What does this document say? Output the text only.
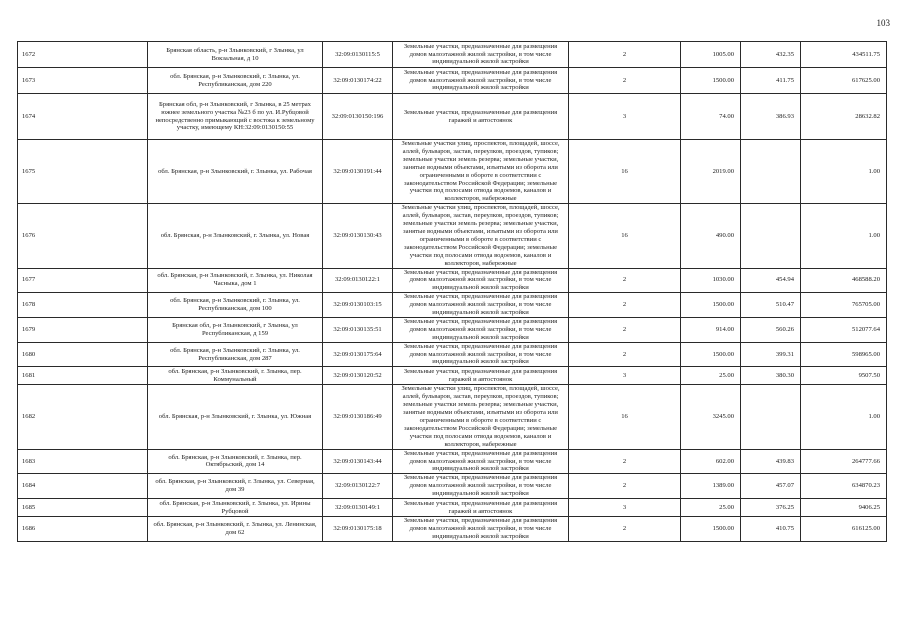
103
1672	Брянская область, р-н Злынковский, г Злынка, ул Вокзальная, д 10	32:09:0130115:5	Земельные участки, предназначенные для размещения домов малоэтажной жилой застройки, в том числе индивидуальной жилой застройки	2	1005.00	432.35	434511.75
1673	обл. Брянская, р-н Злынковский, г. Злынка, ул. Республиканская, дом 220	32:09:0130174:22	Земельные участки, предназначенные для размещения домов малоэтажной жилой застройки, в том числе индивидуальной жилой застройки	2	1500.00	411.75	617625.00
1674	Брянская обл, р-н Злынковский, г Злынка, в 25 метрах южнее земельного участка №23 б по ул. И.Рубцовой непосредственно примыкающий с востока к земельному участку, имеющему КН:32:09:0130150:55	32:09:0130150:196	Земельные участки, предназначенные для размещения гаражей и автостоянок	3	74.00	386.93	28632.82
1675	обл. Брянская, р-н Злынковский, г. Злынка, ул. Рабочая	32:09:0130191:44	Земельные участки улиц, проспектов, площадей, шоссе, аллей, бульваров, застав, переулков, проездов, тупиков; земельные участки земель резерва; земельные участки, занятые водными объектами, изъятыми из оборота или ограниченными в обороте в соответствии с законодательством Российской Федерации; земельные участки под полосами отвода водоемов, каналов и коллекторов, набережные	16	2019.00		1.00
1676	обл. Брянская, р-н Злынковский, г. Злынка, ул. Новая	32:09:0130130:43	Земельные участки улиц, проспектов, площадей, шоссе, аллей, бульваров, застав, переулков, проездов, тупиков; земельные участки земель резерва; земельные участки, занятые водными объектами, изъятыми из оборота или ограниченными в обороте в соответствии с законодательством Российской Федерации; земельные участки под полосами отвода водоемов, каналов и коллекторов, набережные	16	490.00		1.00
1677	обл. Брянская, р-н Злынковский, г. Злынка, ул. Николая Часныка, дом 1	32:09:0130122:1	Земельные участки, предназначенные для размещения домов малоэтажной жилой застройки, в том числе индивидуальной жилой застройки	2	1030.00	454.94	468588.20
1678	обл. Брянская, р-н Злынковский, г. Злынка, ул. Республиканская, дом 100	32:09:0130103:15	Земельные участки, предназначенные для размещения домов малоэтажной жилой застройки, в том числе индивидуальной жилой застройки	2	1500.00	510.47	765705.00
1679	Брянская обл, р-н Злынковский, г Злынка, ул Республиканская, д 159	32:09:0130135:51	Земельные участки, предназначенные для размещения домов малоэтажной жилой застройки, в том числе индивидуальной жилой застройки	2	914.00	560.26	512077.64
1680	обл. Брянская, р-н Злынковский, г. Злынка, ул. Республиканская, дом 287	32:09:0130175:64	Земельные участки, предназначенные для размещения домов малоэтажной жилой застройки, в том числе индивидуальной жилой застройки	2	1500.00	399.31	598965.00
1681	обл. Брянская, р-н Злынковский, г. Злынка, пер. Коммунальный	32:09:0130120:52	Земельные участки, предназначенные для размещения гаражей и автостоянок	3	25.00	380.30	9507.50
1682	обл. Брянская, р-н Злынковский, г. Злынка, ул. Южная	32:09:0130186:49	Земельные участки улиц, проспектов, площадей, шоссе, аллей, бульваров, застав, переулков, проездов, тупиков; земельные участки земель резерва; земельные участки, занятые водными объектами, изъятыми из оборота или ограниченными в обороте в соответствии с законодательством Российской Федерации; земельные участки под полосами отвода водоемов, каналов и коллекторов, набережные	16	3245.00		1.00
1683	обл. Брянская, р-н Злынковский, г. Злынка, пер. Октябрьский, дом 14	32:09:0130143:44	Земельные участки, предназначенные для размещения домов малоэтажной жилой застройки, в том числе индивидуальной жилой застройки	2	602.00	439.83	264777.66
1684	обл. Брянская, р-н Злынковский, г. Злынка, ул. Северная, дом 39	32:09:0130122:7	Земельные участки, предназначенные для размещения домов малоэтажной жилой застройки, в том числе индивидуальной жилой застройки	2	1389.00	457.07	634870.23
1685	обл. Брянская, р-н Злынковский, г. Злынка, ул. Ирины Рубцовой	32:09:0130149:1	Земельные участки, предназначенные для размещения гаражей и автостоянок	3	25.00	376.25	9406.25
1686	обл. Брянская, р-н Злынковский, г. Злынка, ул. Ленинская, дом 62	32:09:0130175:18	Земельные участки, предназначенные для размещения домов малоэтажной жилой застройки, в том числе индивидуальной жилой застройки	2	1500.00	410.75	616125.00
